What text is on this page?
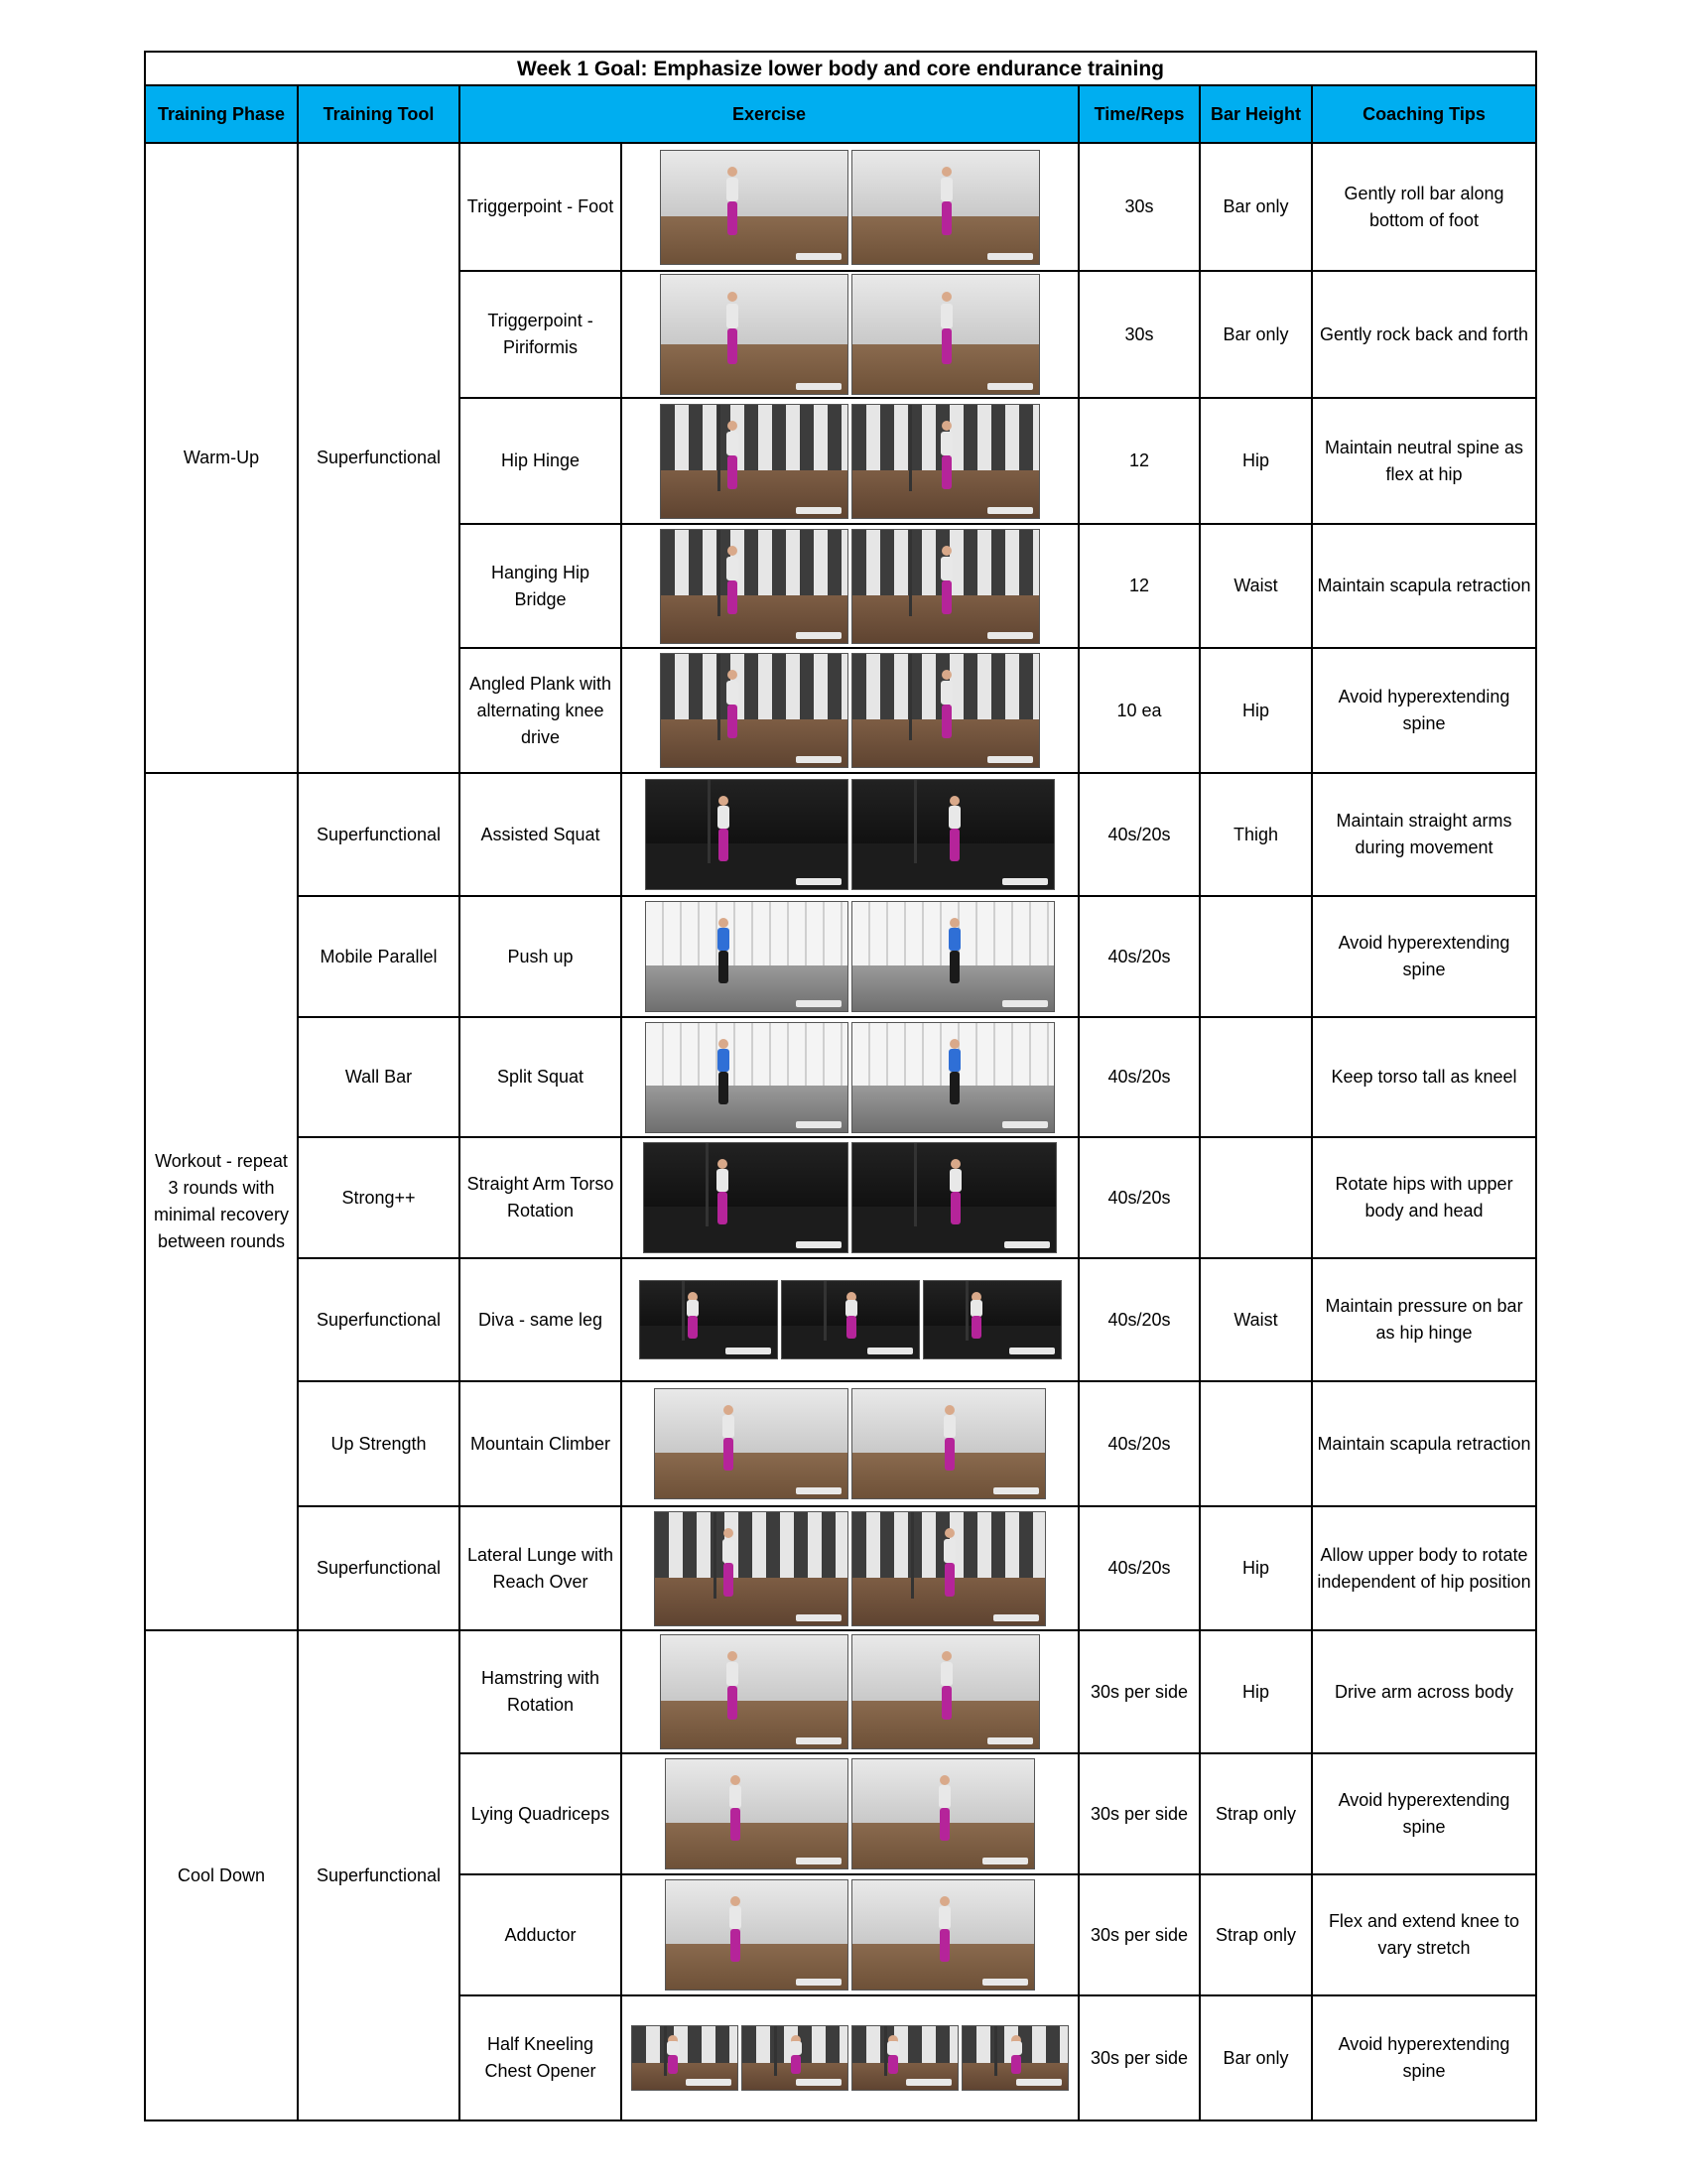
Week 1 Goal: Emphasize lower body and core endurance training						
Training Phase	Training Tool	Exercise		Time/Reps	Bar Height	Coaching Tips
Warm-Up	Superfunctional	Triggerpoint - Foot		30s	Bar only	Gently roll bar along bottom of foot
		Triggerpoint - Piriformis		30s	Bar only	Gently rock back and forth
		Hip Hinge		12	Hip	Maintain neutral spine as flex at hip
		Hanging Hip Bridge		12	Waist	Maintain scapula retraction
		Angled Plank with alternating knee drive		10 ea	Hip	Avoid hyperextending spine
Workout - repeat 3 rounds with minimal recovery between rounds	Superfunctional	Assisted Squat		40s/20s	Thigh	Maintain straight arms during movement
	Mobile Parallel	Push up		40s/20s		Avoid hyperextending spine
	Wall Bar	Split Squat		40s/20s		Keep torso tall as kneel
	Strong++	Straight Arm Torso Rotation		40s/20s		Rotate hips with upper body and head
	Superfunctional	Diva - same leg		40s/20s	Waist	Maintain pressure on bar as hip hinge
	Up Strength	Mountain Climber		40s/20s		Maintain scapula retraction
	Superfunctional	Lateral Lunge with Reach Over		40s/20s	Hip	Allow upper body to rotate independent of hip position
Cool Down	Superfunctional	Hamstring with Rotation		30s per side	Hip	Drive arm across body
		Lying Quadriceps		30s per side	Strap only	Avoid hyperextending spine
		Adductor		30s per side	Strap only	Flex and extend knee to vary stretch
		Half Kneeling Chest Opener		30s per side	Bar only	Avoid hyperextending spine
